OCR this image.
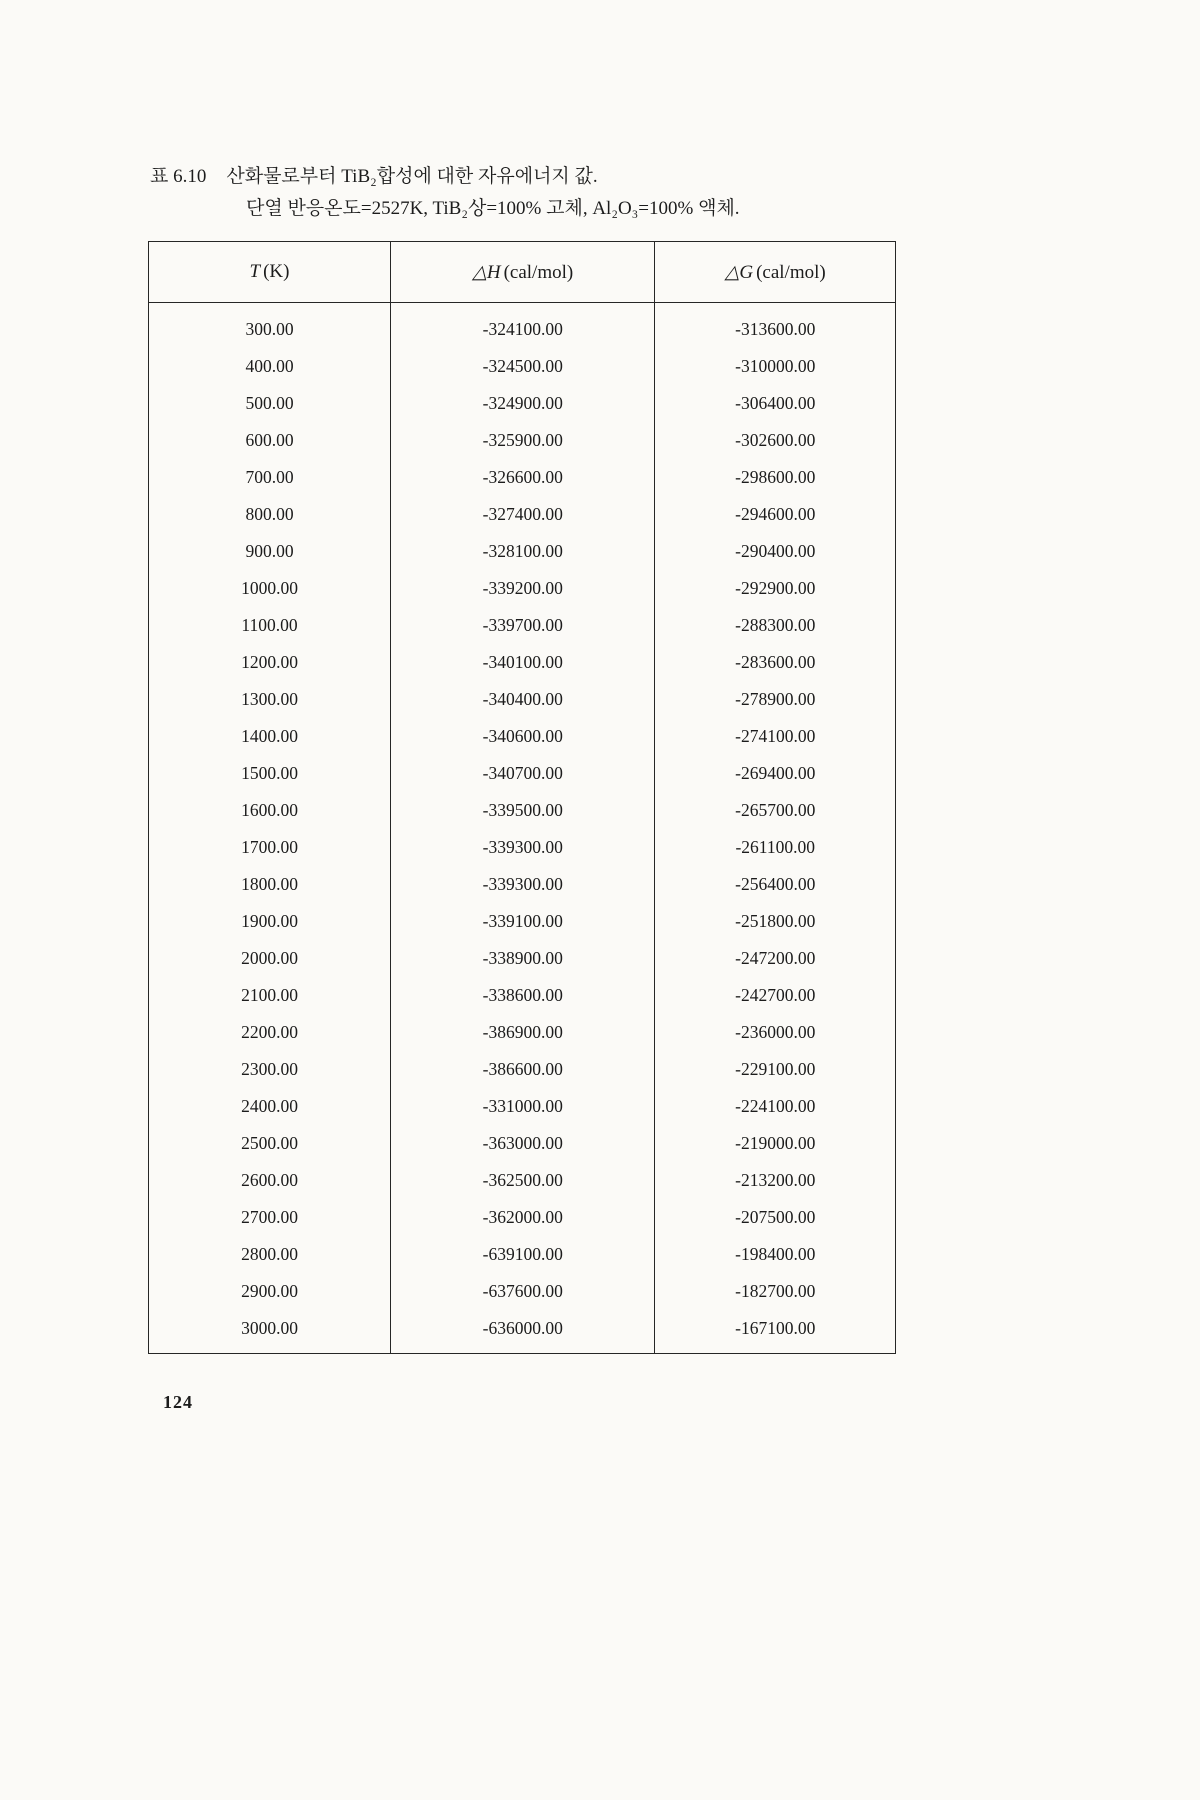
표 6.10 산화물로부터 TiB₂합성에 대한 자유에너지 값.
단열 반응온도=2527K, TiB₂상=100% 고체, Al₂O₃=100% 액체.
T (K)	△H (cal/mol)	△G (cal/mol)
300.00	-324100.00	-313600.00
400.00	-324500.00	-310000.00
500.00	-324900.00	-306400.00
600.00	-325900.00	-302600.00
700.00	-326600.00	-298600.00
800.00	-327400.00	-294600.00
900.00	-328100.00	-290400.00
1000.00	-339200.00	-292900.00
1100.00	-339700.00	-288300.00
1200.00	-340100.00	-283600.00
1300.00	-340400.00	-278900.00
1400.00	-340600.00	-274100.00
1500.00	-340700.00	-269400.00
1600.00	-339500.00	-265700.00
1700.00	-339300.00	-261100.00
1800.00	-339300.00	-256400.00
1900.00	-339100.00	-251800.00
2000.00	-338900.00	-247200.00
2100.00	-338600.00	-242700.00
2200.00	-386900.00	-236000.00
2300.00	-386600.00	-229100.00
2400.00	-331000.00	-224100.00
2500.00	-363000.00	-219000.00
2600.00	-362500.00	-213200.00
2700.00	-362000.00	-207500.00
2800.00	-639100.00	-198400.00
2900.00	-637600.00	-182700.00
3000.00	-636000.00	-167100.00
124
